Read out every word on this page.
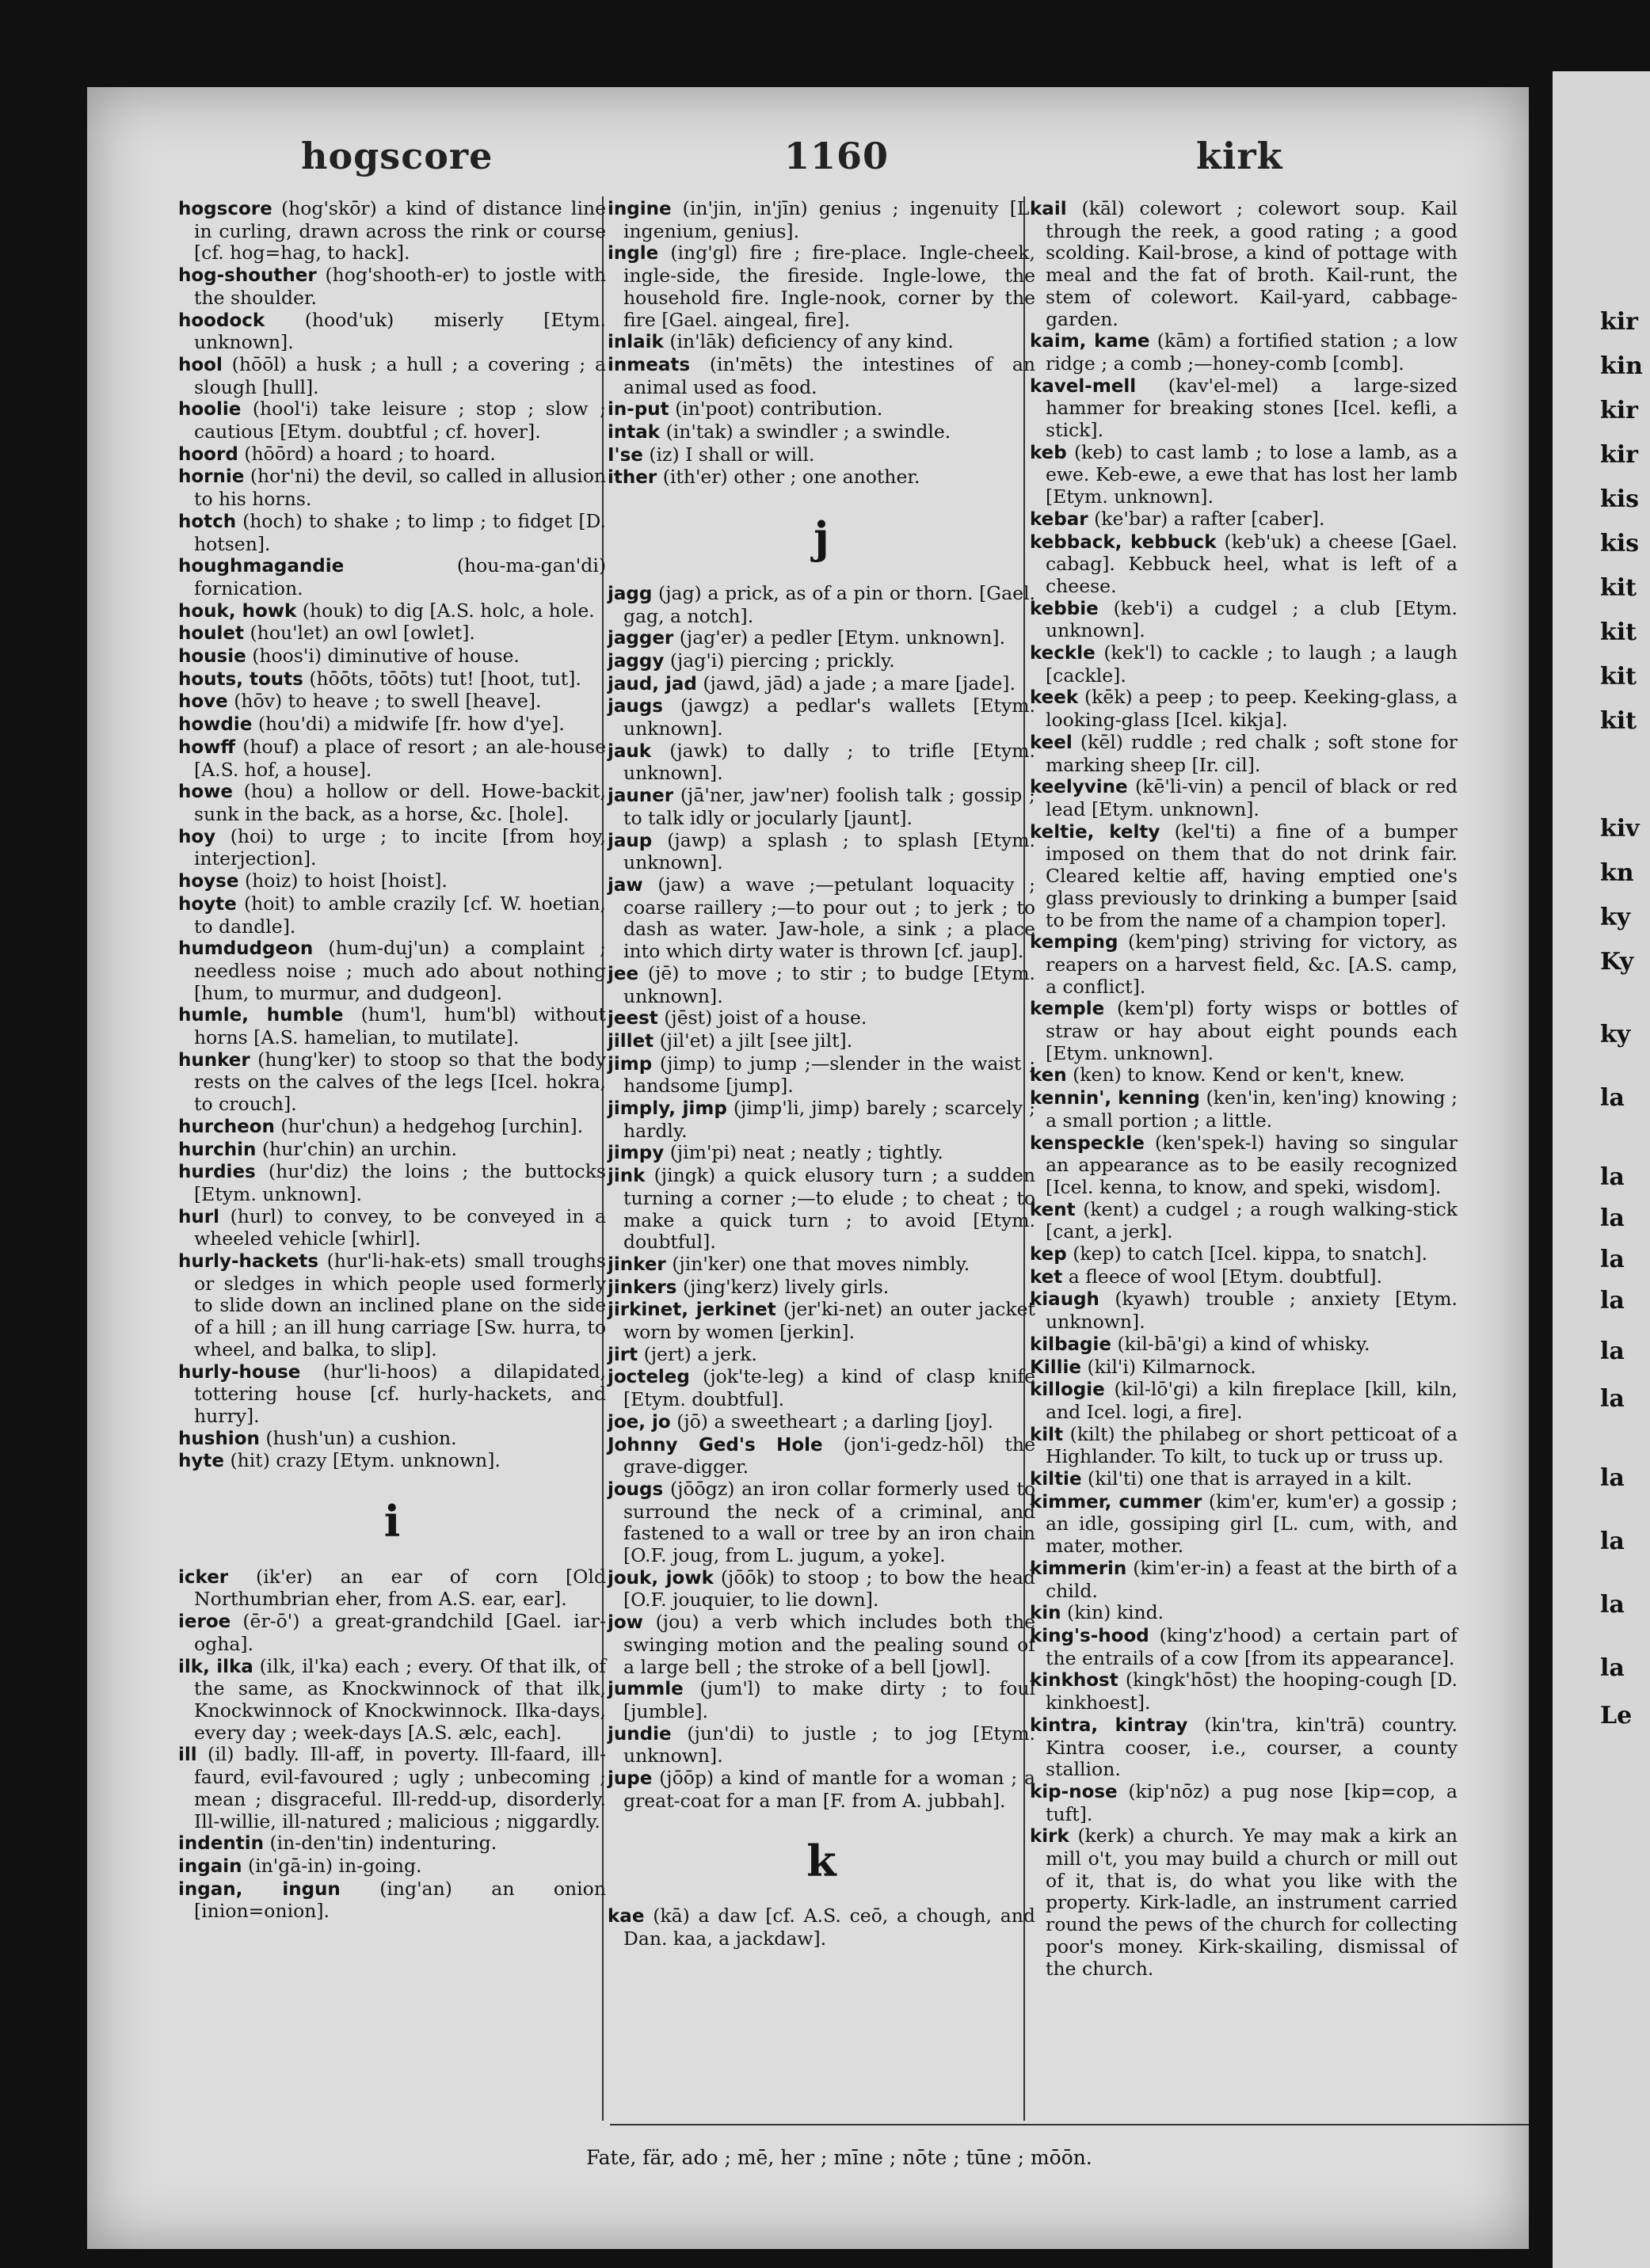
hogscore	1160	kirk
hogscore (hog'skōr) a kind of distance line in curling, drawn across the rink or course [cf. hog=hag, to hack].
hog-shouther (hog'shooth-er) to jostle with the shoulder.
hoodock (hood'uk) miserly [Etym. unknown].
hool (hōōl) a husk ; a hull ; a covering ; a slough [hull].
hoolie (hool'i) take leisure ; stop ; slow ; cautious [Etym. doubtful ; cf. hover].
hoord (hōōrd) a hoard ; to hoard.
hornie (hor'ni) the devil, so called in allusion to his horns.
hotch (hoch) to shake ; to limp ; to fidget [D. hotsen].
houghmagandie	(hou-ma-gan'di) fornication.
houk, howk (houk) to dig [A.S. holc, a hole.
houlet (hou'let) an owl [owlet].
housie (hoos'i) diminutive of house.
houts, touts (hōōts, tōōts) tut! [hoot, tut].
hove (hōv) to heave ; to swell [heave].
howdie (hou'di) a midwife [fr. how d'ye].
howff (houf) a place of resort ; an ale-house [A.S. hof, a house].
howe (hou) a hollow or dell. Howe-backit, sunk in the back, as a horse, &c. [hole].
hoy (hoi) to urge ; to incite [from hoy, interjection].
hoyse (hoiz) to hoist [hoist].
hoyte (hoit) to amble crazily [cf. W. hoetian, to dandle].
humdudgeon (hum-duj'un) a complaint ; needless noise ; much ado about nothing [hum, to murmur, and dudgeon].
humle, humble (hum'l, hum'bl) without horns [A.S. hamelian, to mutilate].
hunker (hung'ker) to stoop so that the body rests on the calves of the legs [Icel. hokra, to crouch].
hurcheon (hur'chun) a hedgehog [urchin].
hurchin (hur'chin) an urchin.
hurdies (hur'diz) the loins ; the buttocks [Etym. unknown].
hurl (hurl) to convey, to be conveyed in a wheeled vehicle [whirl].
hurly-hackets (hur'li-hak-ets) small troughs or sledges in which people used formerly to slide down an inclined plane on the side of a hill ; an ill hung carriage [Sw. hurra, to wheel, and balka, to slip].
hurly-house (hur'li-hoos) a dilapidated, tottering house [cf. hurly-hackets, and hurry].
hushion (hush'un) a cushion.
hyte (hit) crazy [Etym. unknown].
i
icker (ik'er) an ear of corn [Old Northumbrian eher, from A.S. ear, ear].
ieroe (ēr-ō') a great-grandchild [Gael. iar-ogha].
ilk, ilka (ilk, il'ka) each ; every. Of that ilk, of the same, as Knockwinnock of that ilk, Knockwinnock of Knockwinnock. Ilka-days, every day ; week-days [A.S. ælc, each].
ill (il) badly. Ill-aff, in poverty. Ill-faard, ill-faurd, evil-favoured ; ugly ; unbecoming ; mean ; disgraceful. Ill-redd-up, disorderly. Ill-willie, ill-natured ; malicious ; niggardly.
indentin (in-den'tin) indenturing.
ingain (in'gā-in) in-going.
ingan, ingun (ing'an) an onion [inion=onion].
ingine (in'jin, in'jīn) genius ; ingenuity [L. ingenium, genius].
ingle (ing'gl) fire ; fire-place. Ingle-cheek, ingle-side, the fireside. Ingle-lowe, the household fire. Ingle-nook, corner by the fire [Gael. aingeal, fire].
inlaik (in'lāk) deficiency of any kind.
inmeats (in'mēts) the intestines of an animal used as food.
in-put (in'poot) contribution.
intak (in'tak) a swindler ; a swindle.
I'se (iz) I shall or will.
ither (ith'er) other ; one another.
j
jagg (jag) a prick, as of a pin or thorn. [Gael. gag, a notch].
jagger (jag'er) a pedler [Etym. unknown].
jaggy (jag'i) piercing ; prickly.
jaud, jad (jawd, jād) a jade ; a mare [jade].
jaugs (jawgz) a pedlar's wallets [Etym. unknown].
jauk (jawk) to dally ; to trifle [Etym. unknown].
jauner (jā'ner, jaw'ner) foolish talk ; gossip ; to talk idly or jocularly [jaunt].
jaup (jawp) a splash ; to splash [Etym. unknown].
jaw (jaw) a wave ;—petulant loquacity ; coarse raillery ;—to pour out ; to jerk ; to dash as water. Jaw-hole, a sink ; a place into which dirty water is thrown [cf. jaup].
jee (jē) to move ; to stir ; to budge [Etym. unknown].
jeest (jēst) joist of a house.
jillet (jil'et) a jilt [see jilt].
jimp (jimp) to jump ;—slender in the waist ; handsome [jump].
jimply, jimp (jimp'li, jimp) barely ; scarcely ; hardly.
jimpy (jim'pi) neat ; neatly ; tightly.
jink (jingk) a quick elusory turn ; a sudden turning a corner ;—to elude ; to cheat ; to make a quick turn ; to avoid [Etym. doubtful].
jinker (jin'ker) one that moves nimbly.
jinkers (jing'kerz) lively girls.
jirkinet, jerkinet (jer'ki-net) an outer jacket worn by women [jerkin].
jirt (jert) a jerk.
jocteleg (jok'te-leg) a kind of clasp knife [Etym. doubtful].
joe, jo (jō) a sweetheart ; a darling [joy].
Johnny Ged's Hole (jon'i-gedz-hōl) the grave-digger.
jougs (jōōgz) an iron collar formerly used to surround the neck of a criminal, and fastened to a wall or tree by an iron chain [O.F. joug, from L. jugum, a yoke].
jouk, jowk (jōōk) to stoop ; to bow the head [O.F. jouquier, to lie down].
jow (jou) a verb which includes both the swinging motion and the pealing sound of a large bell ; the stroke of a bell [jowl].
jummle (jum'l) to make dirty ; to foul [jumble].
jundie (jun'di) to justle ; to jog [Etym. unknown].
jupe (jōōp) a kind of mantle for a woman ; a great-coat for a man [F. from A. jubbah].
k
kae (kā) a daw [cf. A.S. ceō, a chough, and Dan. kaa, a jackdaw].
kail (kāl) colewort ; colewort soup. Kail through the reek, a good rating ; a good scolding. Kail-brose, a kind of pottage with meal and the fat of broth. Kail-runt, the stem of colewort. Kail-yard, cabbage-garden.
kaim, kame (kām) a fortified station ; a low ridge ; a comb ;—honey-comb [comb].
kavel-mell (kav'el-mel) a large-sized hammer for breaking stones [Icel. kefli, a stick].
keb (keb) to cast lamb ; to lose a lamb, as a ewe. Keb-ewe, a ewe that has lost her lamb [Etym. unknown].
kebar (ke'bar) a rafter [caber].
kebback, kebbuck (keb'uk) a cheese [Gael. cabag]. Kebbuck heel, what is left of a cheese.
kebbie (keb'i) a cudgel ; a club [Etym. unknown].
keckle (kek'l) to cackle ; to laugh ; a laugh [cackle].
keek (kēk) a peep ; to peep. Keeking-glass, a looking-glass [Icel. kikja].
keel (kēl) ruddle ; red chalk ; soft stone for marking sheep [Ir. cil].
keelyvine (kē'li-vin) a pencil of black or red lead [Etym. unknown].
keltie, kelty (kel'ti) a fine of a bumper imposed on them that do not drink fair. Cleared keltie aff, having emptied one's glass previously to drinking a bumper [said to be from the name of a champion toper].
kemping (kem'ping) striving for victory, as reapers on a harvest field, &c. [A.S. camp, a conflict].
kemple (kem'pl) forty wisps or bottles of straw or hay about eight pounds each [Etym. unknown].
ken (ken) to know. Kend or ken't, knew.
kennin', kenning (ken'in, ken'ing) knowing ; a small portion ; a little.
kenspeckle (ken'spek-l) having so singular an appearance as to be easily recognized [Icel. kenna, to know, and speki, wisdom].
kent (kent) a cudgel ; a rough walking-stick [cant, a jerk].
kep (kep) to catch [Icel. kippa, to snatch].
ket a fleece of wool [Etym. doubtful].
kiaugh (kyawh) trouble ; anxiety [Etym. unknown].
kilbagie (kil-bā'gi) a kind of whisky.
Killie (kil'i) Kilmarnock.
killogie (kil-lō'gi) a kiln fireplace [kill, kiln, and Icel. logi, a fire].
kilt (kilt) the philabeg or short petticoat of a Highlander. To kilt, to tuck up or truss up.
kiltie (kil'ti) one that is arrayed in a kilt.
kimmer, cummer (kim'er, kum'er) a gossip ; an idle, gossiping girl [L. cum, with, and mater, mother.
kimmerin (kim'er-in) a feast at the birth of a child.
kin (kin) kind.
king's-hood (king'z'hood) a certain part of the entrails of a cow [from its appearance].
kinkhost (kingk'hōst) the hooping-cough [D. kinkhoest].
kintra, kintray (kin'tra, kin'trā) country. Kintra cooser, i.e., courser, a county stallion.
kip-nose (kip'nōz) a pug nose [kip=cop, a tuft].
kirk (kerk) a church. Ye may mak a kirk an mill o't, you may build a church or mill out of it, that is, do what you like with the property. Kirk-ladle, an instrument carried round the pews of the church for collecting poor's money. Kirk-skailing, dismissal of the church.
Fate, fär, ado ; mē, her ; mīne ; nōte ; tūne ; mōōn.
kir
kin
kir
kir
kis
kis
kit
kit
kit
kit
kiv
kn
ky
Ky
ky
la
la
la
la
la
la
la
la
la
la
la
Le
